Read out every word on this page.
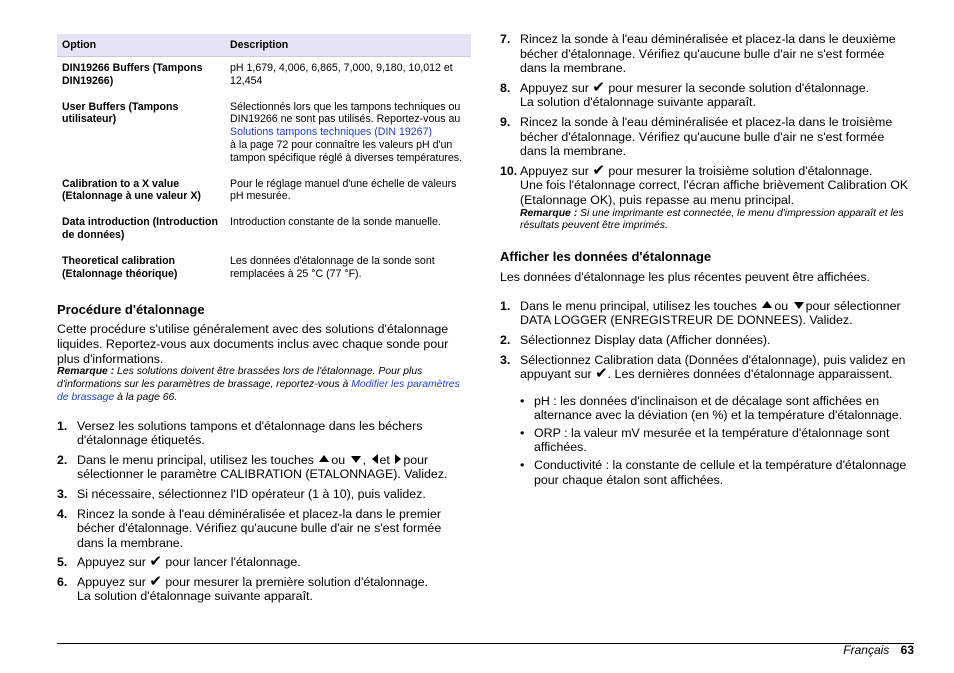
Option	Description
DIN19266 Buffers (Tampons DIN19266)	pH 1,679, 4,006, 6,865, 7,000, 9,180, 10,012 et 12,454
User Buffers (Tampons utilisateur)	Sélectionnés lors que les tampons techniques ou DIN19266 ne sont pas utilisés. Reportez-vous au Solutions tampons techniques (DIN 19267)
à la page 72 pour connaître les valeurs pH d'un tampon spécifique réglé à diverses températures.
Calibration to a X value (Etalonnage à une valeur X)	Pour le réglage manuel d'une échelle de valeurs pH mesurée.
Data introduction (Introduction de données)	Introduction constante de la sonde manuelle.
Theoretical calibration (Etalonnage théorique)	Les données d'étalonnage de la sonde sont remplacées à 25 °C (77 °F).
Procédure d'étalonnage

Cette procédure s'utilise généralement avec des solutions d'étalonnage liquides. Reportez-vous aux documents inclus avec chaque sonde pour plus d'informations.

Remarque : Les solutions doivent être brassées lors de l'étalonnage. Pour plus d'informations sur les paramètres de brassage, reportez-vous à Modifier les paramètres de brassage à la page 66.

1. Versez les solutions tampons et d'étalonnage dans les béchers d'étalonnage étiquetés.
2. Dans le menu principal, utilisez les touches ou , et pour sélectionner le paramètre CALIBRATION (ETALONNAGE). Validez.
3. Si nécessaire, sélectionnez l'ID opérateur (1 à 10), puis validez.
4. Rincez la sonde à l'eau déminéralisée et placez-la dans le premier bécher d'étalonnage. Vérifiez qu'aucune bulle d'air ne s'est formée dans la membrane.
5. Appuyez sur ✔ pour lancer l'étalonnage.
6. Appuyez sur ✔ pour mesurer la première solution d'étalonnage.
La solution d'étalonnage suivante apparaît.
7. Rincez la sonde à l'eau déminéralisée et placez-la dans le deuxième bécher d'étalonnage. Vérifiez qu'aucune bulle d'air ne s'est formée dans la membrane.
8. Appuyez sur ✔ pour mesurer la seconde solution d'étalonnage.
La solution d'étalonnage suivante apparaît.
9. Rincez la sonde à l'eau déminéralisée et placez-la dans le troisième bécher d'étalonnage. Vérifiez qu'aucune bulle d'air ne s'est formée dans la membrane.
10. Appuyez sur ✔ pour mesurer la troisième solution d'étalonnage.
Une fois l'étalonnage correct, l'écran affiche brièvement Calibration OK (Etalonnage OK), puis repasse au menu principal.
Remarque : Si une imprimante est connectée, le menu d'impression apparaît et les résultats peuvent être imprimés.
Afficher les données d'étalonnage

Les données d'étalonnage les plus récentes peuvent être affichées.

1. Dans le menu principal, utilisez les touches ou pour sélectionner DATA LOGGER (ENREGISTREUR DE DONNEES). Validez.
2. Sélectionnez Display data (Afficher données).
3. Sélectionnez Calibration data (Données d'étalonnage), puis validez en appuyant sur ✔. Les dernières données d'étalonnage apparaissent.
• pH : les données d'inclinaison et de décalage sont affichées en alternance avec la déviation (en %) et la température d'étalonnage.
• ORP : la valeur mV mesurée et la température d'étalonnage sont affichées.
• Conductivité : la constante de cellule et la température d'étalonnage pour chaque étalon sont affichées.
Français 63
